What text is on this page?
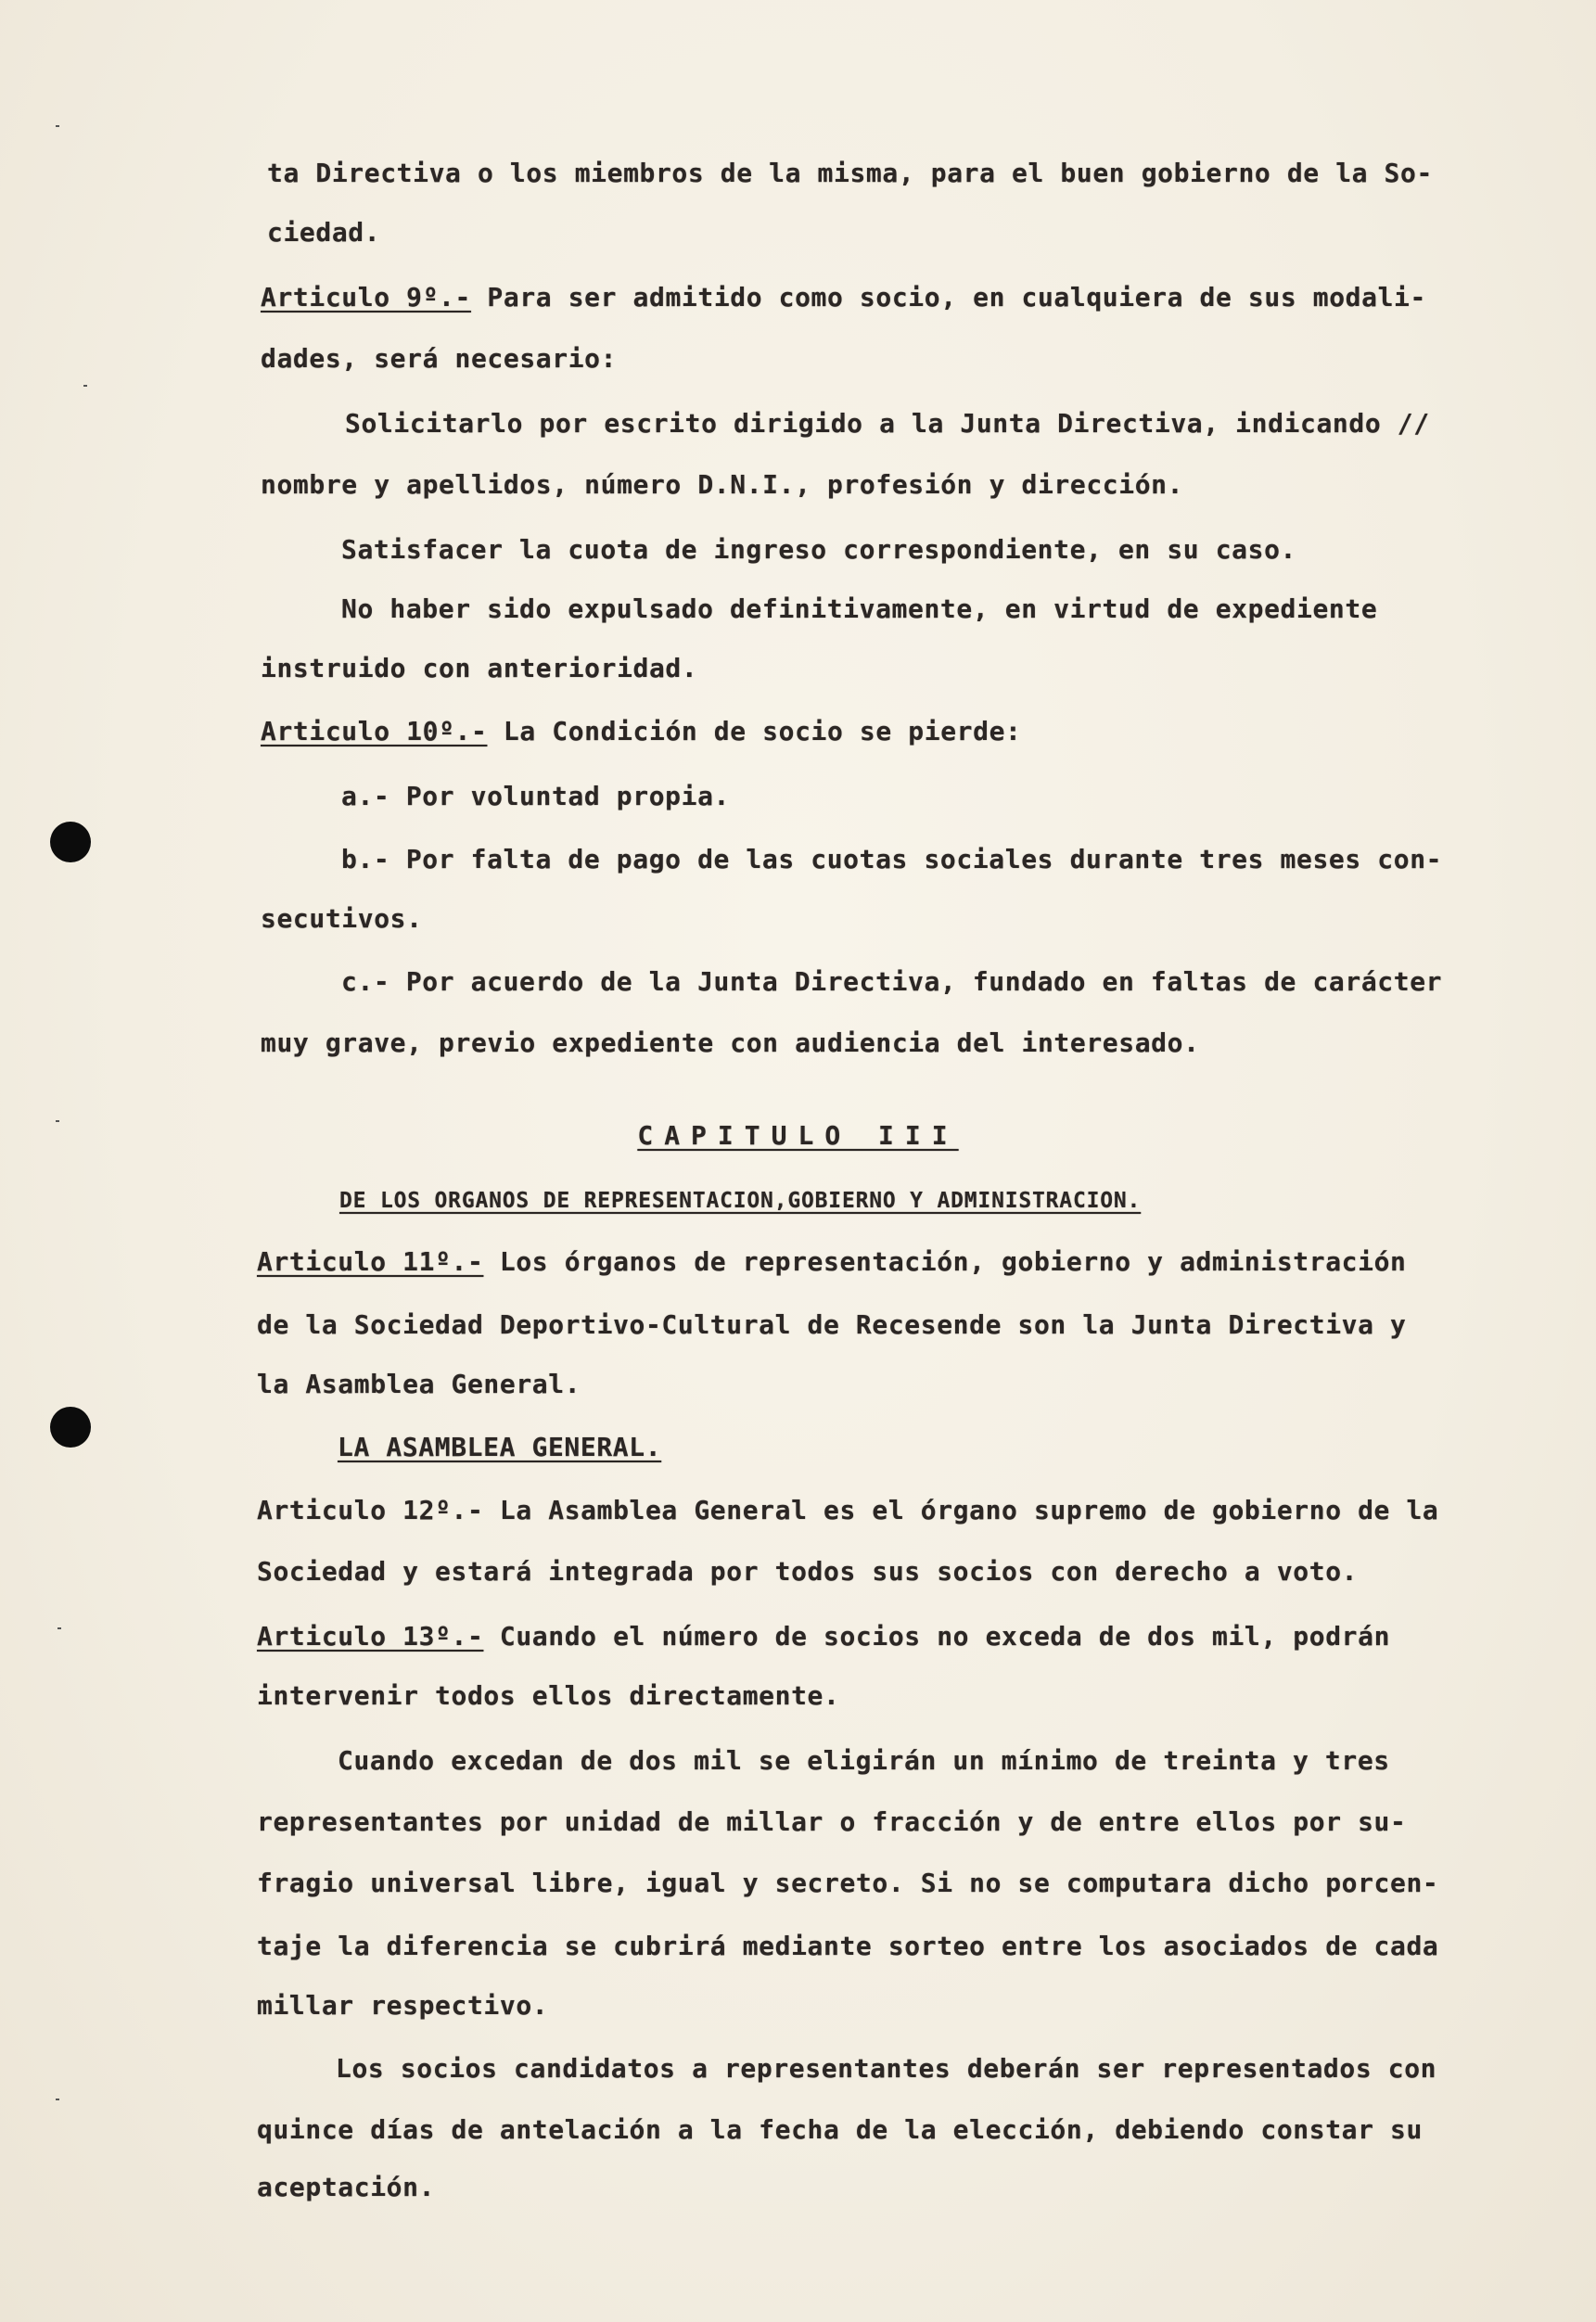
ta Directiva o los miembros de la misma, para el buen gobierno de la So-
ciedad.
Articulo 9º.- Para ser admitido como socio, en cualquiera de sus modali-
dades, será necesario:
Solicitarlo por escrito dirigido a la Junta Directiva, indicando //
nombre y apellidos, número D.N.I., profesión y dirección.
Satisfacer la cuota de ingreso correspondiente, en su caso.
No haber sido expulsado definitivamente, en virtud de expediente
instruido con anterioridad.
Articulo 10º.- La Condición de socio se pierde:
a.- Por voluntad propia.
b.- Por falta de pago de las cuotas sociales durante tres meses con-
secutivos.
c.- Por acuerdo de la Junta Directiva, fundado en faltas de carácter
muy grave, previo expediente con audiencia del interesado.
CAPITULO III
DE LOS ORGANOS DE REPRESENTACION,GOBIERNO Y ADMINISTRACION.
Articulo 11º.- Los órganos de representación, gobierno y administración
de la Sociedad Deportivo-Cultural de Recesende son la Junta Directiva y
la Asamblea General.
LA ASAMBLEA GENERAL.
Articulo 12º.- La Asamblea General es el órgano supremo de gobierno de la
Sociedad y estará integrada por todos sus socios con derecho a voto.
Articulo 13º.- Cuando el número de socios no exceda de dos mil, podrán
intervenir todos ellos directamente.
Cuando excedan de dos mil se eligirán un mínimo de treinta y tres
representantes por unidad de millar o fracción y de entre ellos por su-
fragio universal libre, igual y secreto. Si no se computara dicho porcen-
taje la diferencia se cubrirá mediante sorteo entre los asociados de cada
millar respectivo.
Los socios candidatos a representantes deberán ser representados con
quince días de antelación a la fecha de la elección, debiendo constar su
aceptación.
